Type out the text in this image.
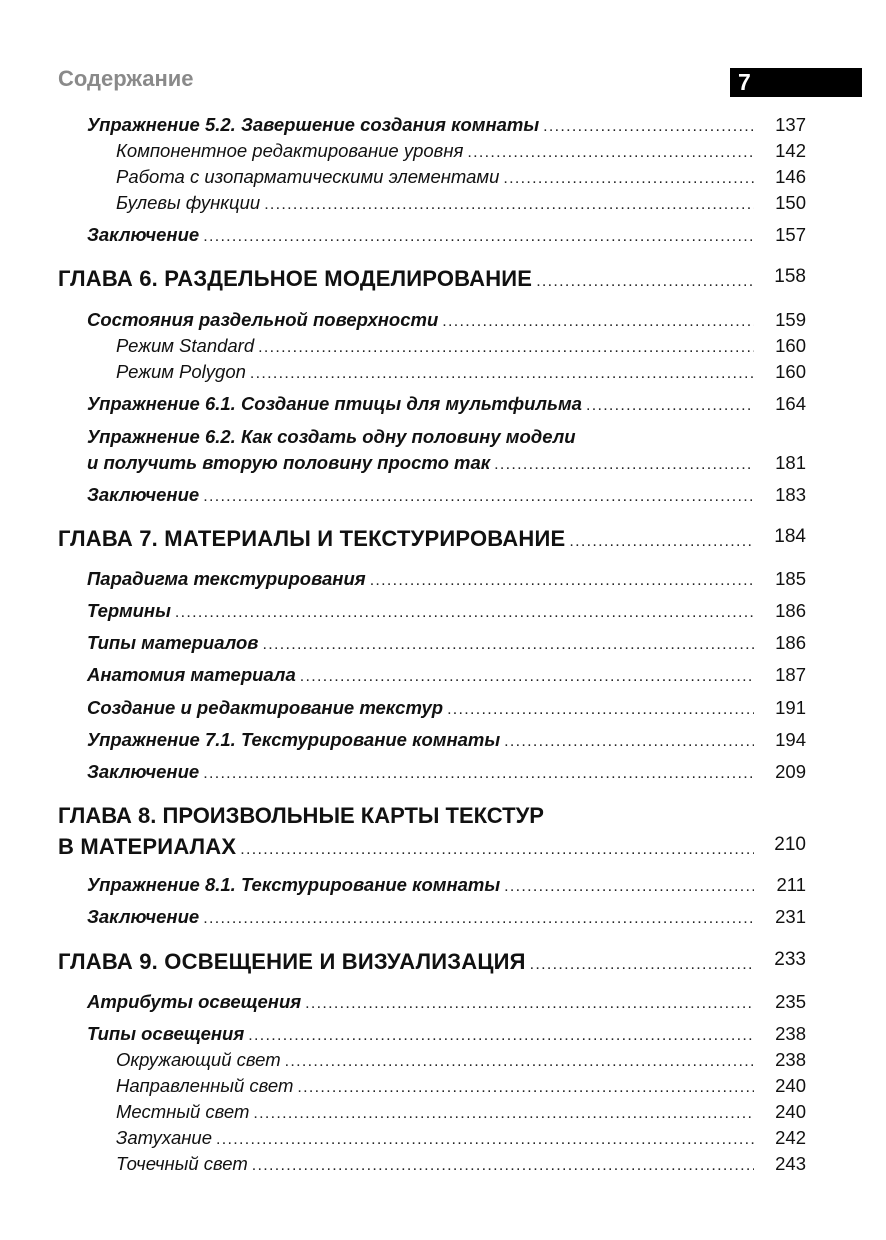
Содержание	7
Упражнение 5.2. Завершение создания комнаты .....	137
Компонентное редактирование уровня .....	142
Работа с изопарматическими элементами .....	146
Булевы функции .....	150
Заключение .....	157
ГЛАВА 6. РАЗДЕЛЬНОЕ МОДЕЛИРОВАНИЕ .....	158
Состояния раздельной поверхности .....	159
Режим Standard .....	160
Режим Polygon .....	160
Упражнение 6.1. Создание птицы для мультфильма .....	164
Упражнение 6.2. Как создать одну половину модели
и получить вторую половину просто так .....	181
Заключение .....	183
ГЛАВА 7. МАТЕРИАЛЫ И ТЕКСТУРИРОВАНИЕ .....	184
Парадигма текстурирования .....	185
Термины .....	186
Типы материалов .....	186
Анатомия материала .....	187
Создание и редактирование текстур .....	191
Упражнение 7.1. Текстурирование комнаты .....	194
Заключение .....	209
ГЛАВА 8. ПРОИЗВОЛЬНЫЕ КАРТЫ ТЕКСТУР
В МАТЕРИАЛАХ .....	210
Упражнение 8.1. Текстурирование комнаты .....	211
Заключение .....	231
ГЛАВА 9. ОСВЕЩЕНИЕ И ВИЗУАЛИЗАЦИЯ .....	233
Атрибуты освещения .....	235
Типы освещения .....	238
Окружающий свет .....	238
Направленный свет .....	240
Местный свет .....	240
Затухание .....	242
Точечный свет .....	243
